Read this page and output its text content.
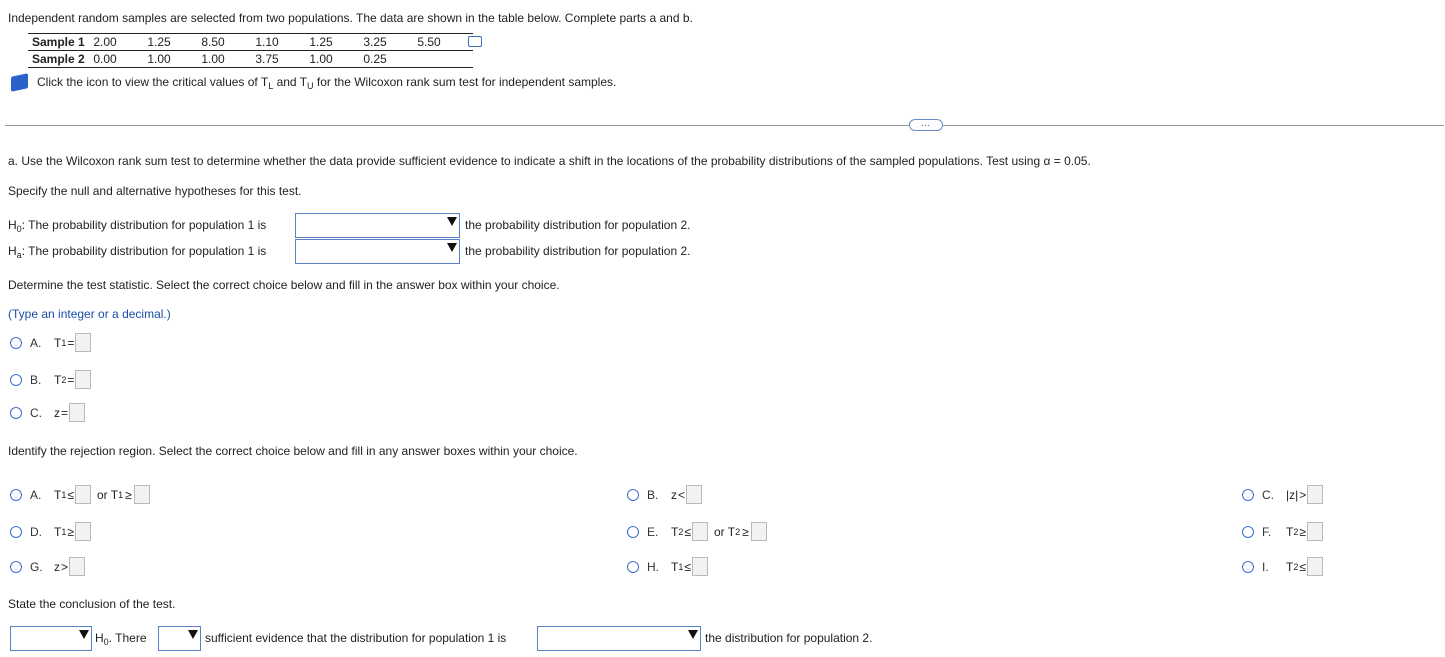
Independent random samples are selected from two populations. The data are shown in the table below. Complete parts a and b.
Sample 1	2.00	1.25	8.50	1.10	1.25	3.25	5.50	
Sample 2	0.00	1.00	1.00	3.75	1.00	0.25		
Click the icon to view the critical values of $T_L$ and $T_U$ for the Wilcoxon rank sum test for independent samples.
…
a. Use the Wilcoxon rank sum test to determine whether the data provide sufficient evidence to indicate a shift in the locations of the probability distributions of the sampled populations. Test using α = 0.05.
Specify the null and alternative hypotheses for this test.
$H_0$: The probability distribution for population 1 is	the probability distribution for population 2.
$H_a$: The probability distribution for population 1 is	the probability distribution for population 2.
Determine the test statistic. Select the correct choice below and fill in the answer box within your choice.
(Type an integer or a decimal.)
A.	T 1 =
B.	T 2 =
C.	z =
Identify the rejection region. Select the correct choice below and fill in any answer boxes within your choice.
A.	T 1 ≤ or T 1 ≥
D.	T 1 ≥
G. z >
B.	z <
E.	T 2 ≤ or T 2 ≥
H.	T 1 ≤
C.	|z| >
F.	T 2 ≥
I.	T 2 ≤
State the conclusion of the test.
$H_0$. There	sufficient evidence that the distribution for population 1 is	the distribution for population 2.
